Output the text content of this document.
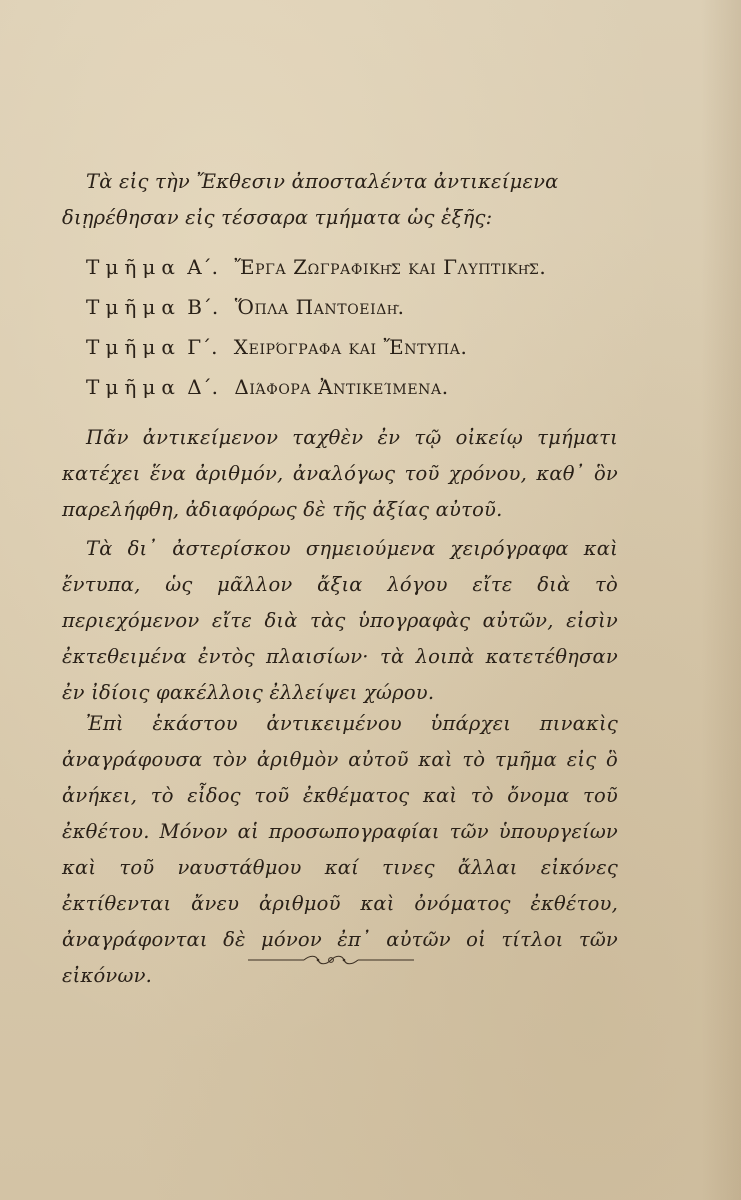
Τὰ εἰς τὴν Ἔκθεσιν ἀποσταλέντα ἀντικείμενα διῃρέθησαν εἰς τέσσαρα τμήματα ὡς ἑξῆς:

Τμῆμα Α΄. Ἔργα Ζωγραφικῆς και Γλυπτικῆς.
Τμῆμα Β΄. Ὅπλα Παντοειδῆ.
Τμῆμα Γ΄. Χειρόγραφα και Ἔντυπα.
Τμῆμα Δ΄. Διάφορα Ἀντικείμενα.

Πᾶν ἀντικείμενον ταχθὲν ἐν τῷ οἰκείῳ τμήματι κατέχει ἕνα ἀριθμόν, ἀναλόγως τοῦ χρόνου, καθ᾽ ὃν παρελήφθη, ἀδιαφόρως δὲ τῆς ἀξίας αὐτοῦ.

Τὰ δι᾽ ἀστερίσκου σημειούμενα χειρόγραφα καὶ ἔντυπα, ὡς μᾶλλον ἄξια λόγου εἴτε διὰ τὸ περιεχόμενον εἴτε διὰ τὰς ὑπογραφὰς αὐτῶν, εἰσὶν ἐκτεθειμένα ἐντὸς πλαισίων· τὰ λοιπὰ κατετέθησαν ἐν ἰδίοις φακέλλοις ἐλλείψει χώρου.

Ἐπὶ ἑκάστου ἀντικειμένου ὑπάρχει πινακὶς ἀναγράφουσα τὸν ἀριθμὸν αὐτοῦ καὶ τὸ τμῆμα εἰς ὃ ἀνήκει, τὸ εἶδος τοῦ ἐκθέματος καὶ τὸ ὄνομα τοῦ ἐκθέτου. Μόνον αἱ προσωπογραφίαι τῶν ὑπουργείων καὶ τοῦ ναυστάθμου καί τινες ἄλλαι εἰκόνες ἐκτίθενται ἄνευ ἀριθμοῦ καὶ ὀνόματος ἐκθέτου, ἀναγράφονται δὲ μόνον ἐπ᾽ αὐτῶν οἱ τίτλοι τῶν εἰκόνων.
